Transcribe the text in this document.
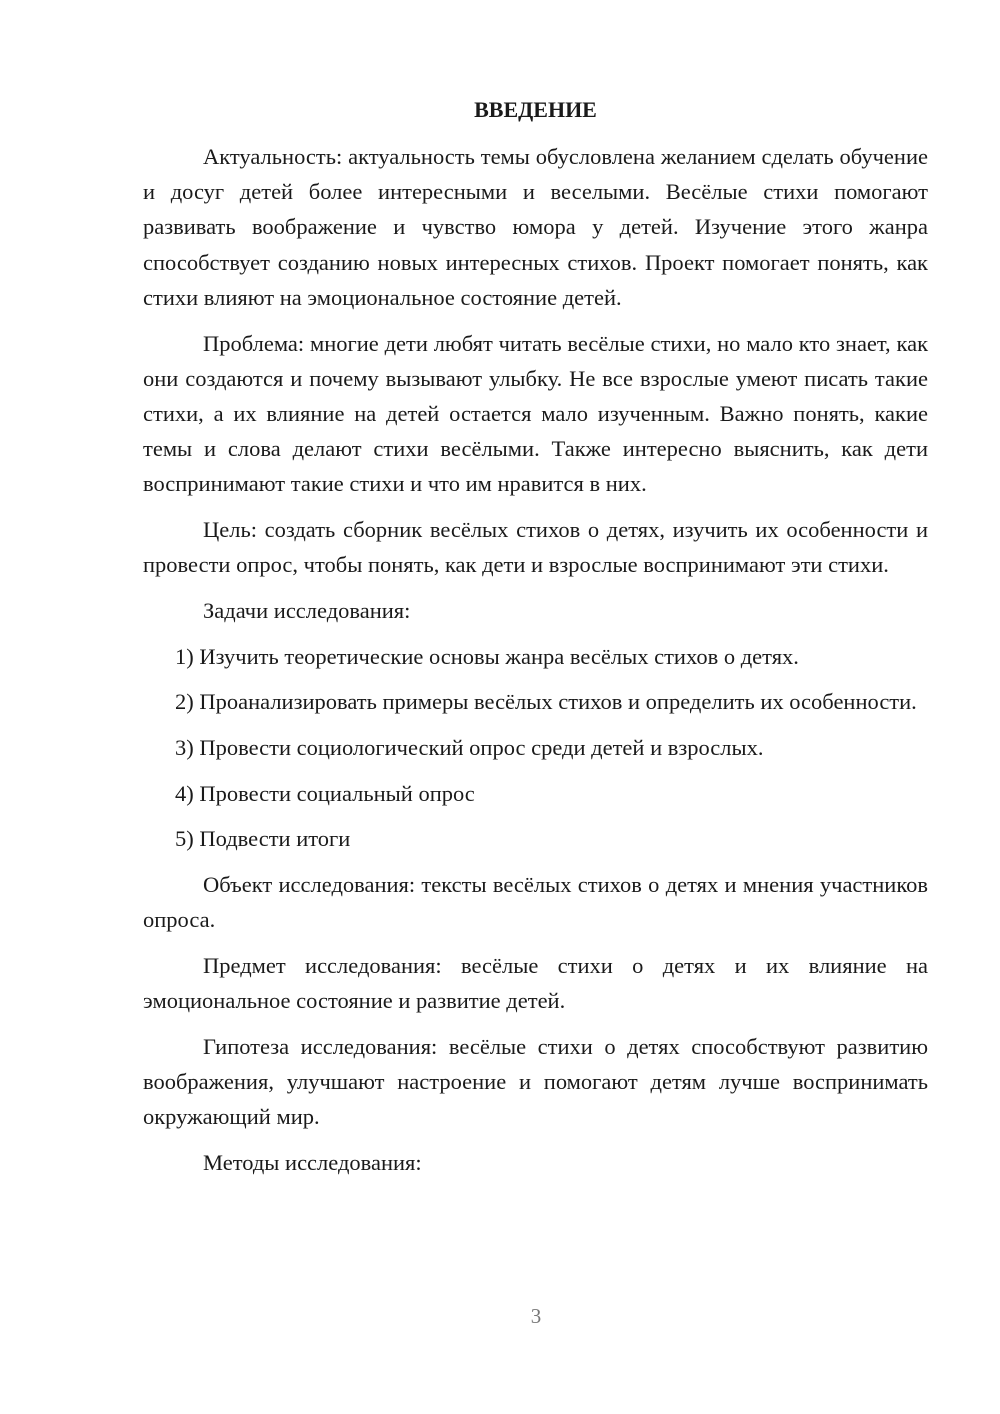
ВВЕДЕНИЕ

Актуальность: актуальность темы обусловлена желанием сделать обучение и досуг детей более интересными и веселыми. Весёлые стихи помогают развивать воображение и чувство юмора у детей. Изучение этого жанра способствует созданию новых интересных стихов. Проект помогает понять, как стихи влияют на эмоциональное состояние детей.

Проблема: многие дети любят читать весёлые стихи, но мало кто знает, как они создаются и почему вызывают улыбку. Не все взрослые умеют писать такие стихи, а их влияние на детей остается мало изученным. Важно понять, какие темы и слова делают стихи весёлыми. Также интересно выяснить, как дети воспринимают такие стихи и что им нравится в них.

Цель: создать сборник весёлых стихов о детях, изучить их особенности и провести опрос, чтобы понять, как дети и взрослые воспринимают эти стихи.

Задачи исследования:

1) Изучить теоретические основы жанра весёлых стихов о детях.

2) Проанализировать примеры весёлых стихов и определить их особенности.

3) Провести социологический опрос среди детей и взрослых.

4) Провести социальный опрос

5) Подвести итоги

Объект исследования: тексты весёлых стихов о детях и мнения участников опроса.

Предмет исследования: весёлые стихи о детях и их влияние на эмоциональное состояние и развитие детей.

Гипотеза исследования: весёлые стихи о детях способствуют развитию воображения, улучшают настроение и помогают детям лучше воспринимать окружающий мир.

Методы исследования:

3
